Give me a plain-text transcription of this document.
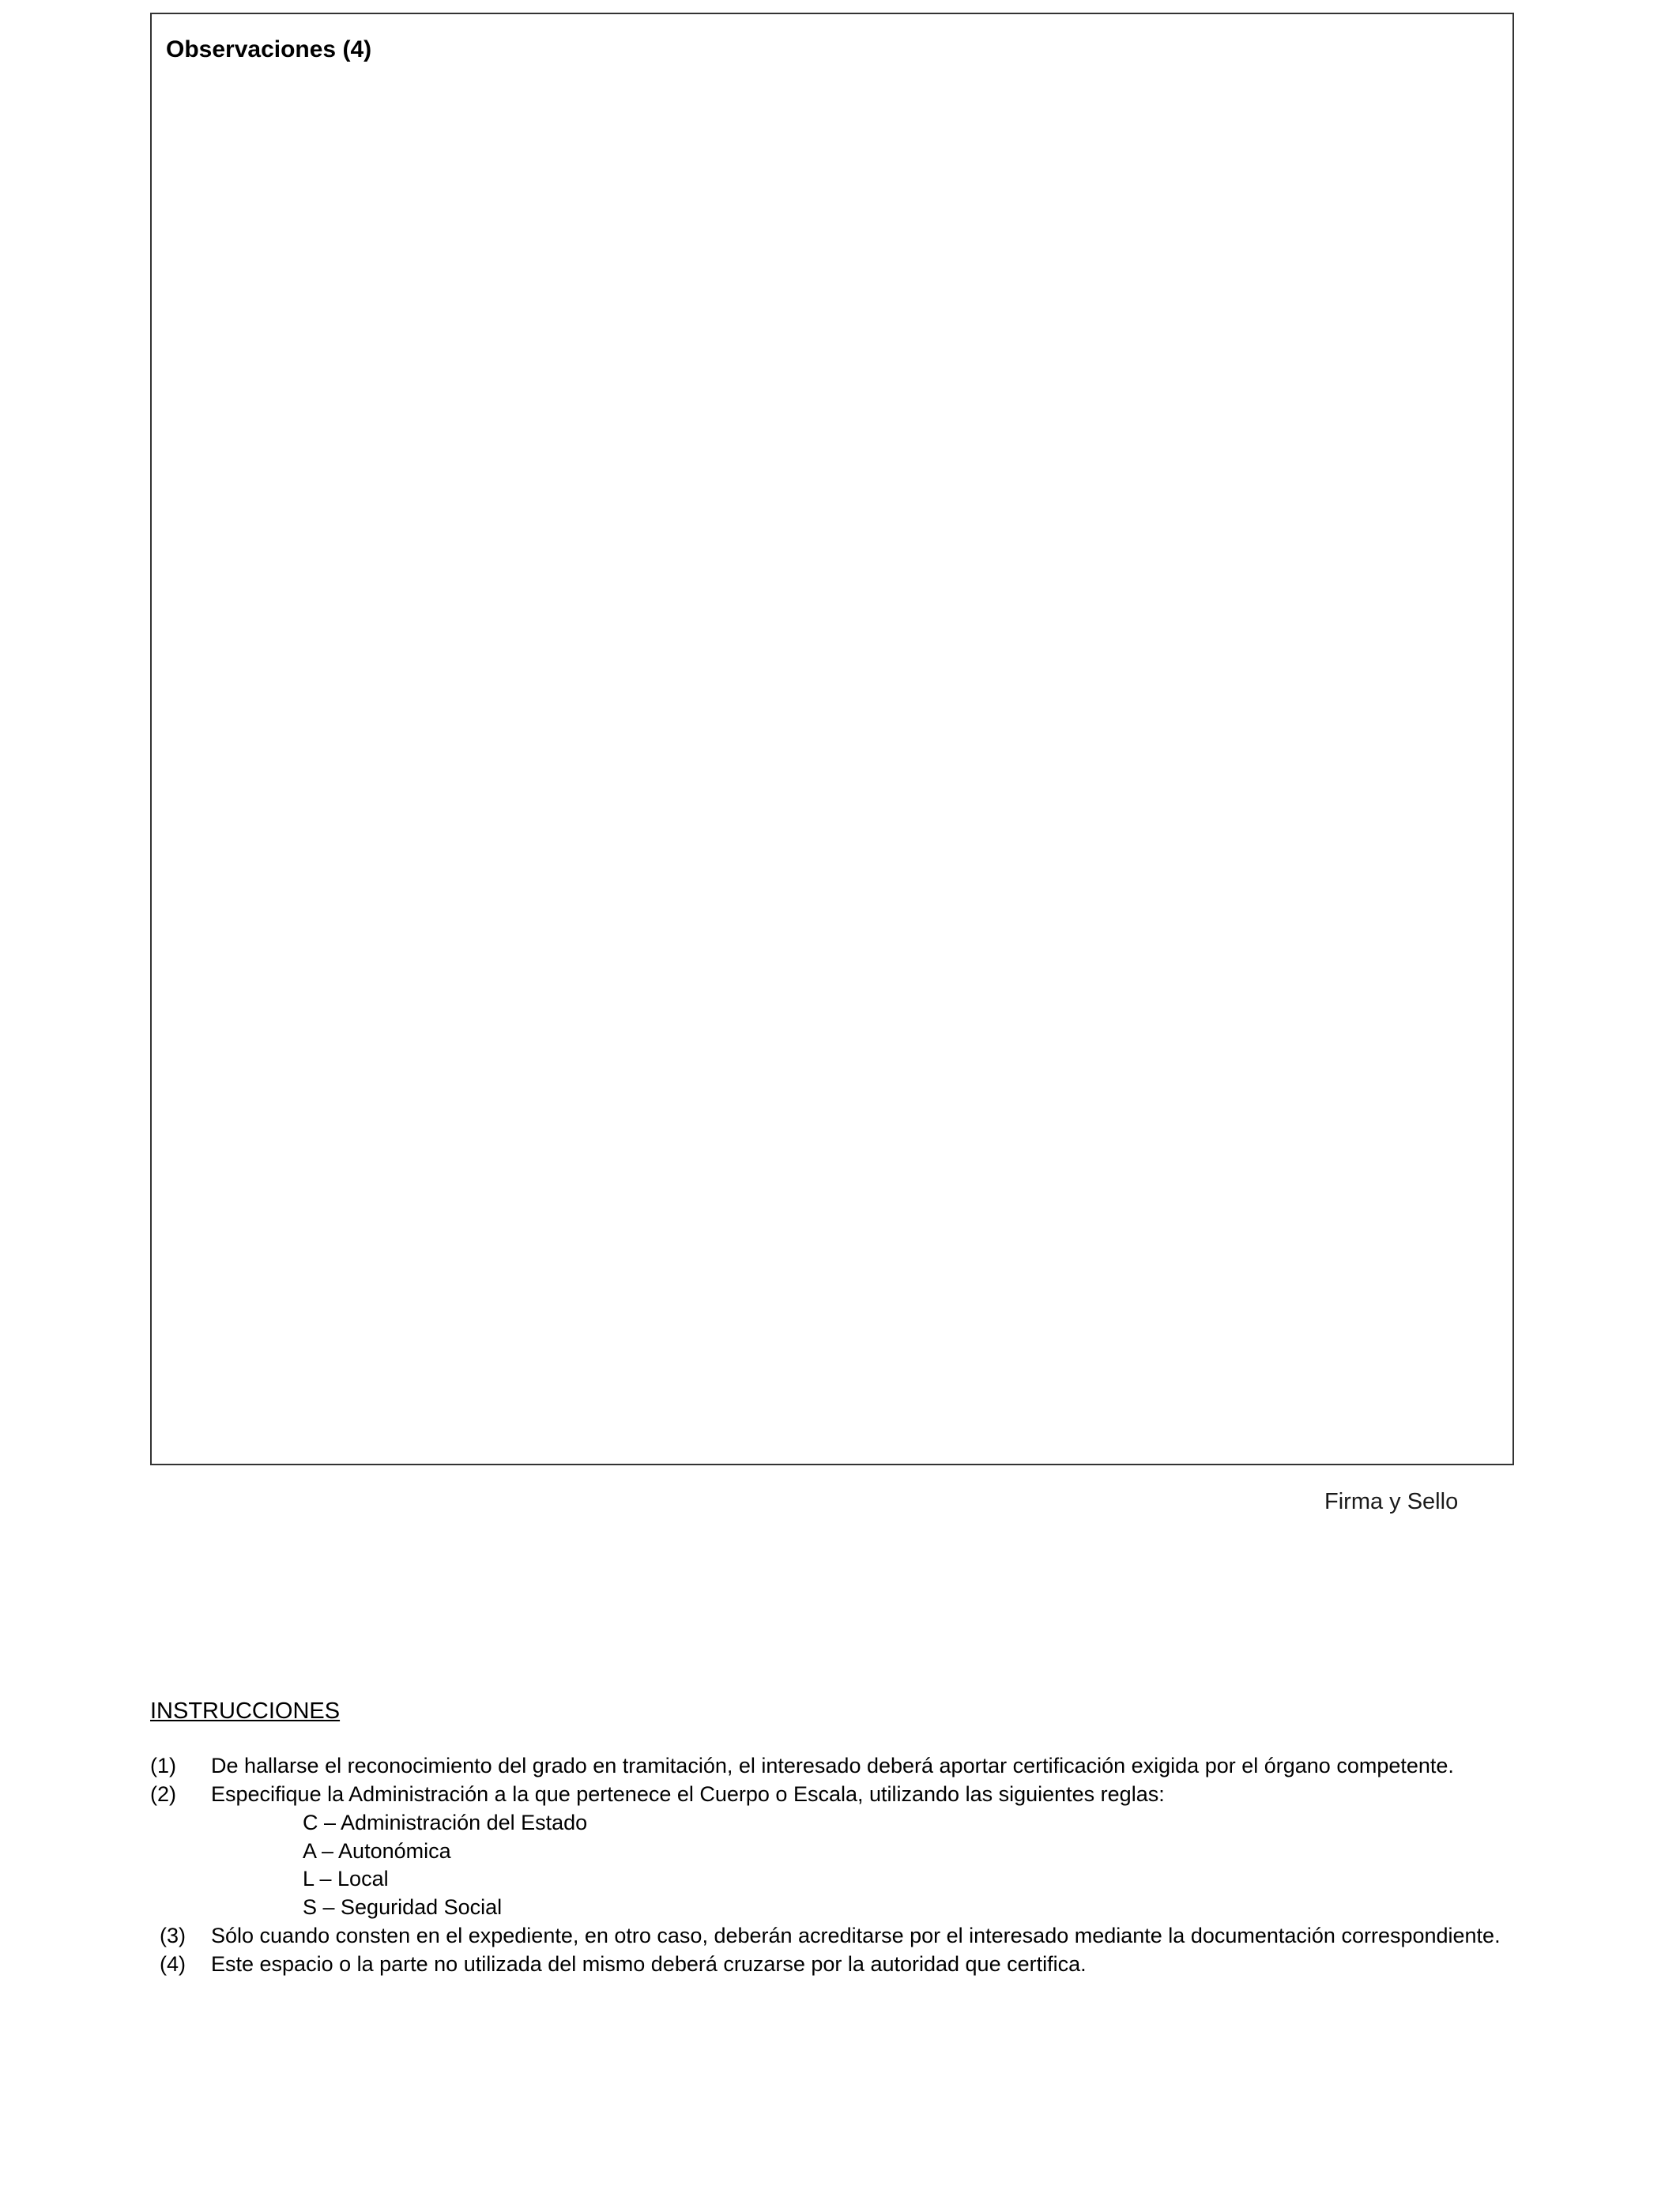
Observaciones (4)
Firma y Sello
INSTRUCCIONES
(1) De hallarse el reconocimiento del grado en tramitación, el interesado deberá aportar certificación exigida por el órgano competente.
(2) Especifique la Administración a la que pertenece el Cuerpo o Escala, utilizando las siguientes reglas:
C – Administración del Estado
A – Autonómica
L – Local
S – Seguridad Social
(3) Sólo cuando consten en el expediente, en otro caso, deberán acreditarse por el interesado mediante la documentación correspondiente.
(4) Este espacio o la parte no utilizada del mismo deberá cruzarse por la autoridad que certifica.
